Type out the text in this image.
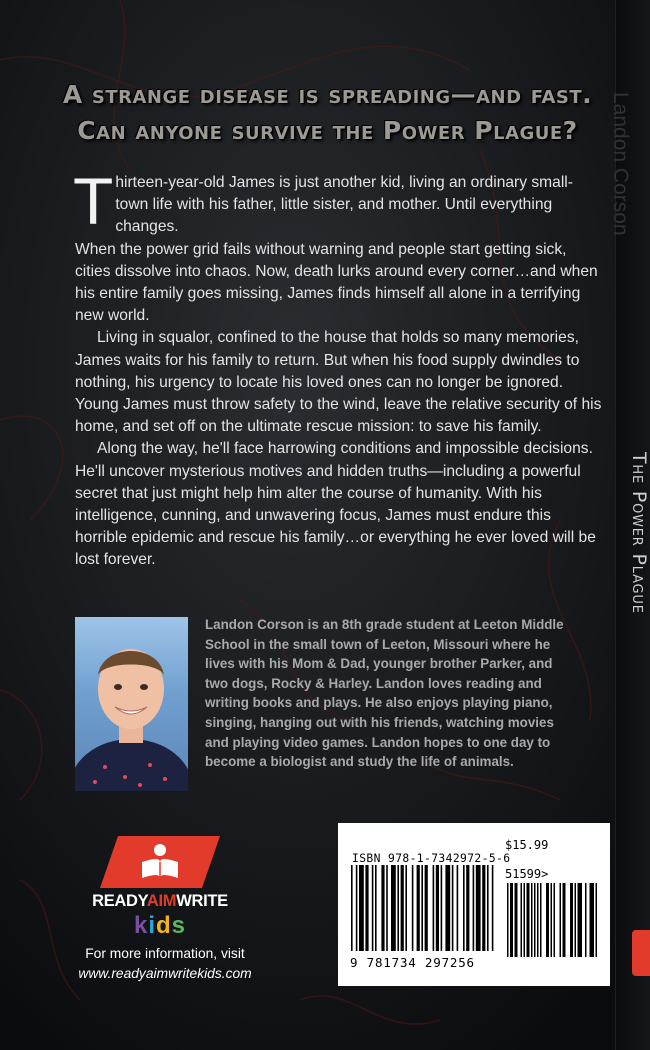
A strange disease is spreading—and fast.
Can anyone survive the Power Plague?

Thirteen-year-old James is just another kid, living an ordinary small-town life with his father, little sister, and mother. Until everything changes.

When the power grid fails without warning and people start getting sick, cities dissolve into chaos. Now, death lurks around every corner…and when his entire family goes missing, James finds himself all alone in a terrifying new world.

Living in squalor, confined to the house that holds so many memories, James waits for his family to return. But when his food supply dwindles to nothing, his urgency to locate his loved ones can no longer be ignored. Young James must throw safety to the wind, leave the relative security of his home, and set off on the ultimate rescue mission: to save his family.

Along the way, he'll face harrowing conditions and impossible decisions. He'll uncover mysterious motives and hidden truths—including a powerful secret that just might help him alter the course of humanity. With his intelligence, cunning, and unwavering focus, James must endure this horrible epidemic and rescue his family…or everything he ever loved will be lost forever.

Landon Corson is an 8th grade student at Leeton Middle School in the small town of Leeton, Missouri where he lives with his Mom & Dad, younger brother Parker, and two dogs, Rocky & Harley. Landon loves reading and writing books and plays. He also enjoys playing piano, singing, hanging out with his friends, watching movies and playing video games. Landon hopes to one day to become a biologist and study the life of animals.
READYAIMWRITE
kids
For more information, visit
www.readyaimwritekids.com
$15.99
ISBN 978-1-7342972-5-6
51599>
9 781734 297256
Landon Corson
The Power Plague
